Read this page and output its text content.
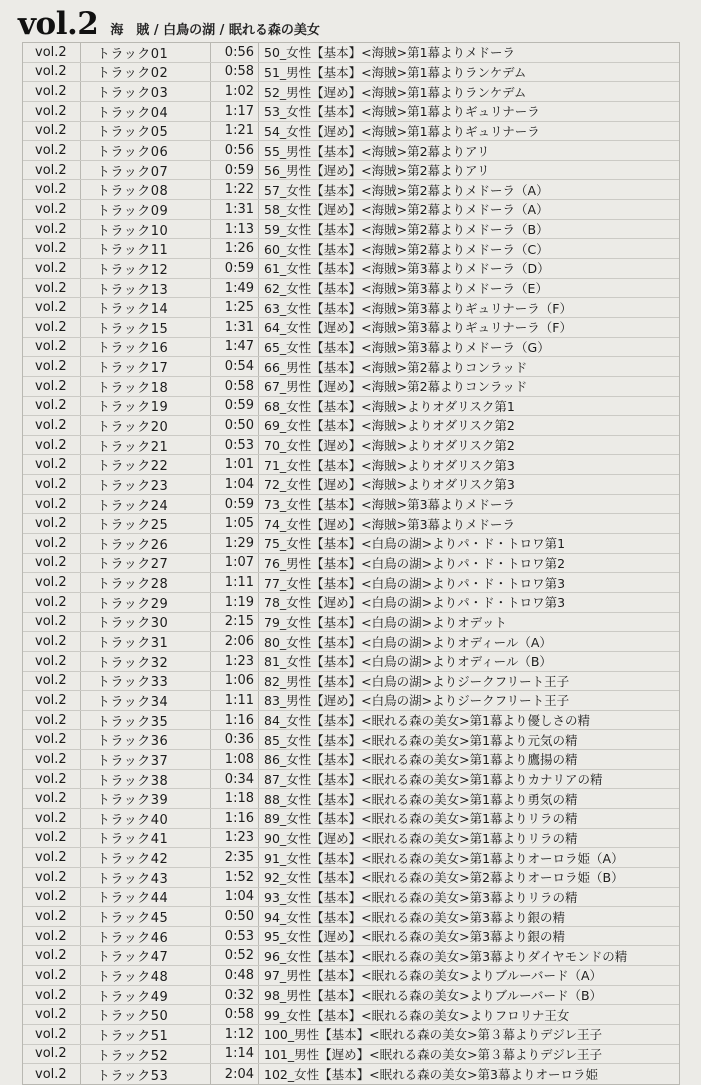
vol.2 海　賊 / 白鳥の湖 / 眠れる森の美女
vol.2	トラック01	0:56 50_女性【基本】<海賊>第1幕よりメドーラ
vol.2	トラック02	0:58 51_男性【基本】<海賊>第1幕よりランケデム
vol.2	トラック03	1:02 52_男性【遅め】<海賊>第1幕よりランケデム
vol.2	トラック04	1:17 53_女性【基本】<海賊>第1幕よりギュリナーラ
vol.2	トラック05	1:21 54_女性【遅め】<海賊>第1幕よりギュリナーラ
vol.2	トラック06	0:56 55_男性【基本】<海賊>第2幕よりアリ
vol.2	トラック07	0:59 56_男性【遅め】<海賊>第2幕よりアリ
vol.2	トラック08	1:22 57_女性【基本】<海賊>第2幕よりメドーラ（A）
vol.2	トラック09	1:31 58_女性【遅め】<海賊>第2幕よりメドーラ（A）
vol.2	トラック10	1:13 59_女性【基本】<海賊>第2幕よりメドーラ（B）
vol.2	トラック11	1:26 60_女性【基本】<海賊>第2幕よりメドーラ（C）
vol.2	トラック12	0:59 61_女性【基本】<海賊>第3幕よりメドーラ（D）
vol.2	トラック13	1:49 62_女性【基本】<海賊>第3幕よりメドーラ（E）
vol.2	トラック14	1:25 63_女性【基本】<海賊>第3幕よりギュリナーラ（F）
vol.2	トラック15	1:31 64_女性【遅め】<海賊>第3幕よりギュリナーラ（F）
vol.2	トラック16	1:47 65_女性【基本】<海賊>第3幕よりメドーラ（G）
vol.2	トラック17	0:54 66_男性【基本】<海賊>第2幕よりコンラッド
vol.2	トラック18	0:58 67_男性【遅め】<海賊>第2幕よりコンラッド
vol.2	トラック19	0:59 68_女性【基本】<海賊>よりオダリスク第1
vol.2	トラック20	0:50 69_女性【基本】<海賊>よりオダリスク第2
vol.2	トラック21	0:53 70_女性【遅め】<海賊>よりオダリスク第2
vol.2	トラック22	1:01 71_女性【基本】<海賊>よりオダリスク第3
vol.2	トラック23	1:04 72_女性【遅め】<海賊>よりオダリスク第3
vol.2	トラック24	0:59 73_女性【基本】<海賊>第3幕よりメドーラ
vol.2	トラック25	1:05 74_女性【遅め】<海賊>第3幕よりメドーラ
vol.2	トラック26	1:29 75_女性【基本】<白鳥の湖>よりパ・ド・トロワ第1
vol.2	トラック27	1:07 76_男性【基本】<白鳥の湖>よりパ・ド・トロワ第2
vol.2	トラック28	1:11 77_女性【基本】<白鳥の湖>よりパ・ド・トロワ第3
vol.2	トラック29	1:19 78_女性【遅め】<白鳥の湖>よりパ・ド・トロワ第3
vol.2	トラック30	2:15 79_女性【基本】<白鳥の湖>よりオデット
vol.2	トラック31	2:06 80_女性【基本】<白鳥の湖>よりオディール（A）
vol.2	トラック32	1:23 81_女性【基本】<白鳥の湖>よりオディール（B）
vol.2	トラック33	1:06 82_男性【基本】<白鳥の湖>よりジークフリート王子
vol.2	トラック34	1:11 83_男性【遅め】<白鳥の湖>よりジークフリート王子
vol.2	トラック35	1:16 84_女性【基本】<眠れる森の美女>第1幕より優しさの精
vol.2	トラック36	0:36 85_女性【基本】<眠れる森の美女>第1幕より元気の精
vol.2	トラック37	1:08 86_女性【基本】<眠れる森の美女>第1幕より鷹揚の精
vol.2	トラック38	0:34 87_女性【基本】<眠れる森の美女>第1幕よりカナリアの精
vol.2	トラック39	1:18 88_女性【基本】<眠れる森の美女>第1幕より勇気の精
vol.2	トラック40	1:16 89_女性【基本】<眠れる森の美女>第1幕よりリラの精
vol.2	トラック41	1:23 90_女性【遅め】<眠れる森の美女>第1幕よりリラの精
vol.2	トラック42	2:35 91_女性【基本】<眠れる森の美女>第1幕よりオーロラ姫（A）
vol.2	トラック43	1:52 92_女性【基本】<眠れる森の美女>第2幕よりオーロラ姫（B）
vol.2	トラック44	1:04 93_女性【基本】<眠れる森の美女>第3幕よりリラの精
vol.2	トラック45	0:50 94_女性【基本】<眠れる森の美女>第3幕より銀の精
vol.2	トラック46	0:53 95_女性【遅め】<眠れる森の美女>第3幕より銀の精
vol.2	トラック47	0:52 96_女性【基本】<眠れる森の美女>第3幕よりダイヤモンドの精
vol.2	トラック48	0:48 97_男性【基本】<眠れる森の美女>よりブルーバード（A）
vol.2	トラック49	0:32 98_男性【基本】<眠れる森の美女>よりブルーバード（B）
vol.2	トラック50	0:58 99_女性【基本】<眠れる森の美女>よりフロリナ王女
vol.2	トラック51	1:12 100_男性【基本】<眠れる森の美女>第３幕よりデジレ王子
vol.2	トラック52	1:14 101_男性【遅め】<眠れる森の美女>第３幕よりデジレ王子
vol.2	トラック53	2:04 102_女性【基本】<眠れる森の美女>第3幕よりオーロラ姫
